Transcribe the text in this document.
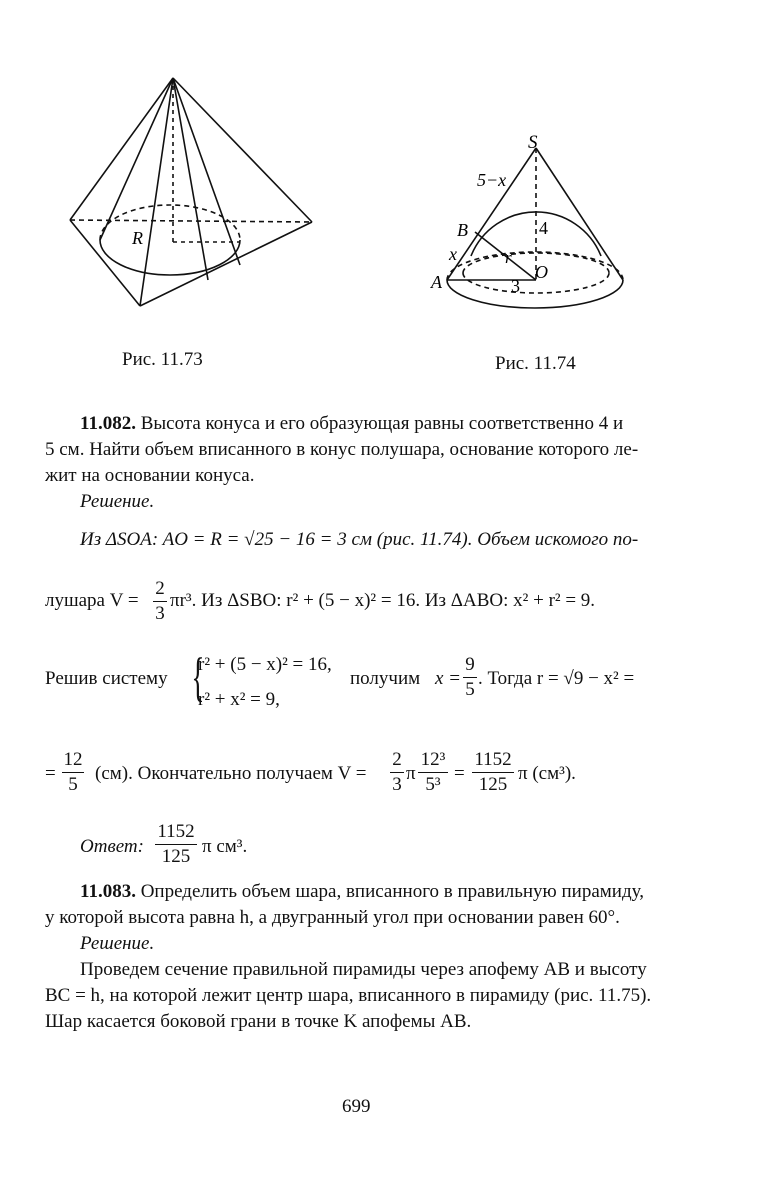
R
S
5−x
B	4
x	r
A	O
3
Рис. 11.73	Рис. 11.74
11.082. Высота конуса и его образующая равны соответственно 4 и
5 см. Найти объем вписанного в конус полушара, основание которого ле-
жит на основании конуса.
Решение.
Из ΔSOA: AO = R = √25 − 16 = 3 см (рис. 11.74). Объем искомого по-
лушара $V = \frac{2}{3} \pi r^3$. Из ΔSBO: r² + (5 − x)² = 16. Из ΔABO: x² + r² = 9.
Решив систему {
r² + (5 − x)² = 16,
r² + x² = 9,
получим $x = \frac{9}{5}$ . Тогда r = √9 − x² =
= $\frac{12}{5} (см)$. Окончательно получаем $V = \frac{2}{3}$ π $\frac{\text{12³}}{\text{5³}} = \frac{1152}{125}$ π (см³).
Ответ: $\frac{1152}{125}$ π см³.
11.083. Определить объем шара, вписанного в правильную пирамиду,
у которой высота равна h, а двугранный угол при основании равен 60°.
Решение.
Проведем сечение правильной пирамиды через апофему AB и высоту
BC = h, на которой лежит центр шара, вписанного в пирамиду (рис. 11.75).
Шар касается боковой грани в точке K апофемы AB.
699
